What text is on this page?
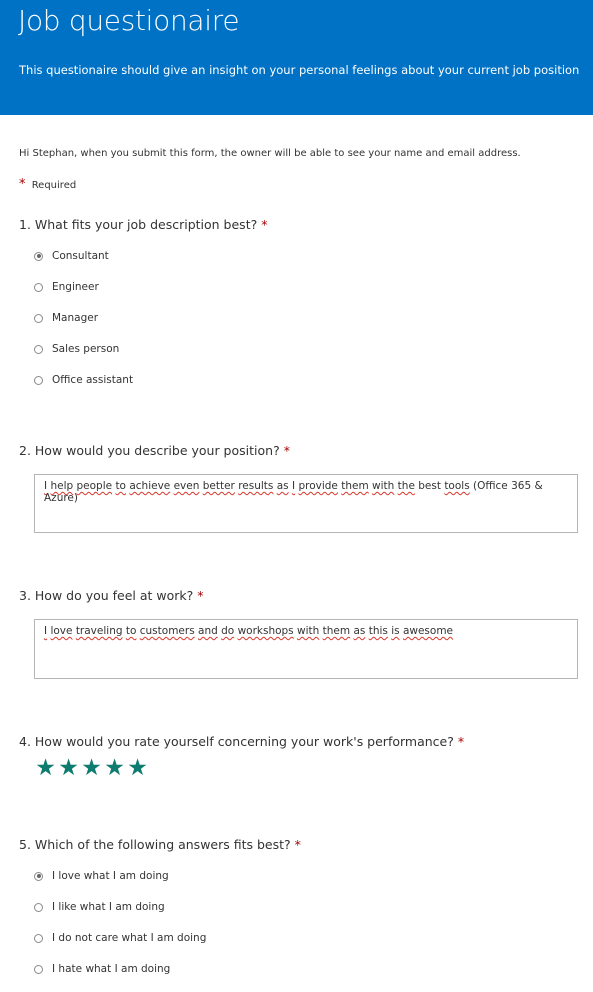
Job questionaire
This questionaire should give an insight on your personal feelings about your current job position
Hi Stephan, when you submit this form, the owner will be able to see your name and email address.
* Required
1. What fits your job description best? *
Consultant
Engineer
Manager
Sales person
Office assistant
2. How would you describe your position? *
I help people to achieve even better results as I provide them with the best tools (Office 365 & Azure)
3. How do you feel at work? *
I love traveling to customers and do workshops with them as this is awesome
4. How would you rate yourself concerning your work's performance? *
★ ★ ★ ★ ★
5. Which of the following answers fits best? *
I love what I am doing
I like what I am doing
I do not care what I am doing
I hate what I am doing
